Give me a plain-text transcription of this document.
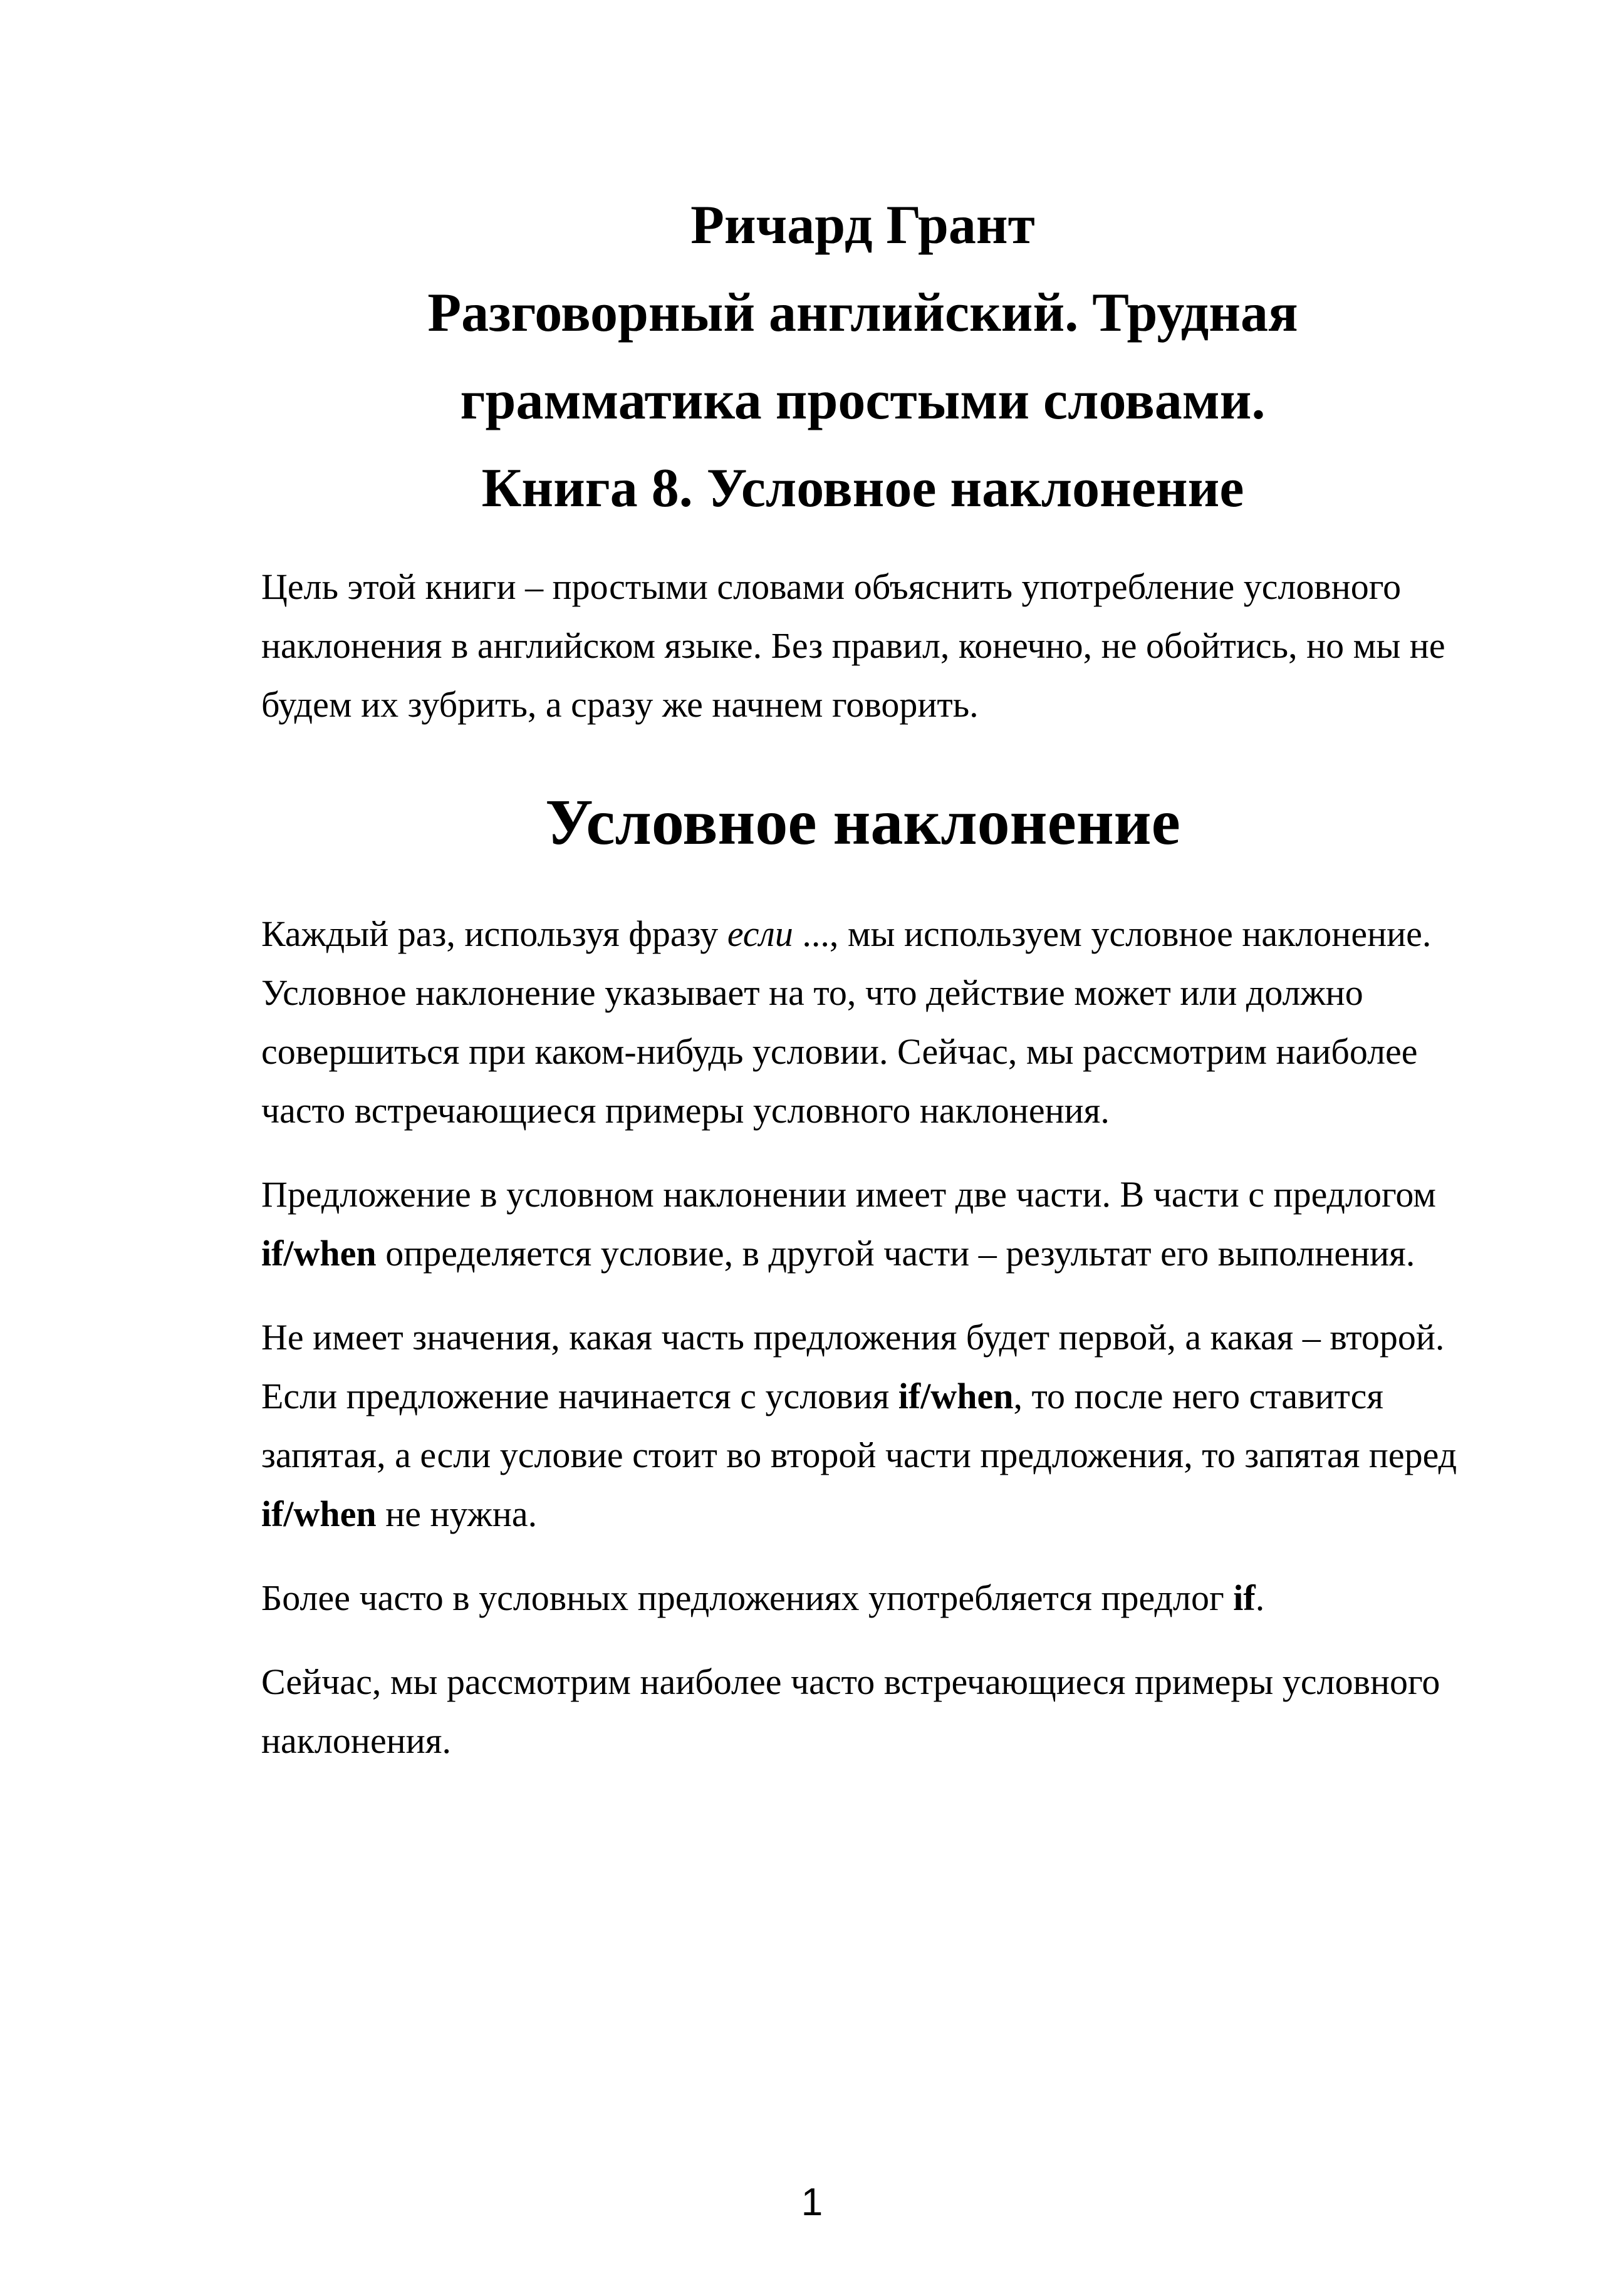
Ричард Грант
Разговорный английский. Трудная
грамматика простыми словами.
Книга 8. Условное наклонение

Цель этой книги – простыми словами объяснить употребление условного наклонения в английском языке. Без правил, конечно, не обойтись, но мы не будем их зубрить, а сразу же начнем говорить.

Условное наклонение

Каждый раз, используя фразу если ..., мы используем условное наклонение. Условное наклонение указывает на то, что действие может или должно совершиться при каком-нибудь условии. Сейчас, мы рассмотрим наиболее часто встречающиеся примеры условного наклонения.

Предложение в условном наклонении имеет две части. В части с предлогом if/when определяется условие, в другой части – результат его выполнения.

Не имеет значения, какая часть предложения будет первой, а какая – второй. Если предложение начинается с условия if/when, то после него ставится запятая, а если условие стоит во второй части предложения, то запятая перед if/when не нужна.

Более часто в условных предложениях употребляется предлог if.

Сейчас, мы рассмотрим наиболее часто встречающиеся примеры условного наклонения.

1
